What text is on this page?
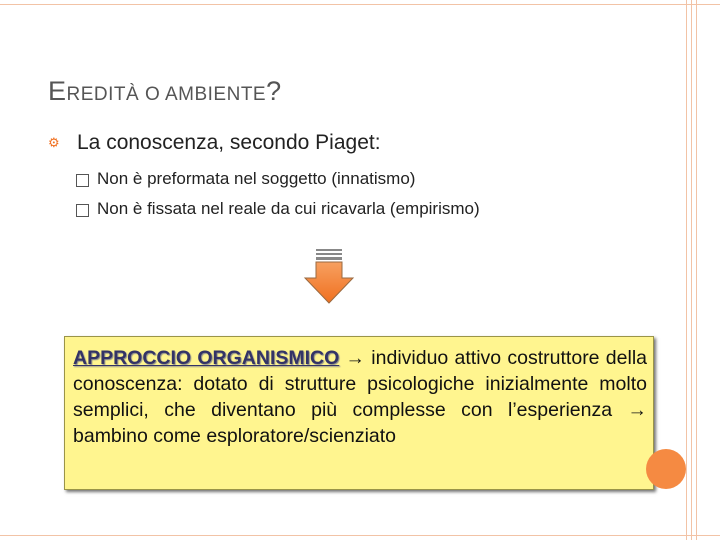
EREDITÀ O AMBIENTE?
⚙ La conoscenza, secondo Piaget:
Non è preformata nel soggetto (innatismo)
Non è fissata nel reale da cui ricavarla (empirismo)
APPROCCIO ORGANISMICO → individuo attivo costruttore della conoscenza: dotato di strutture psicologiche inizialmente molto semplici, che diventano più complesse con l’esperienza → bambino come esploratore/scienziato
